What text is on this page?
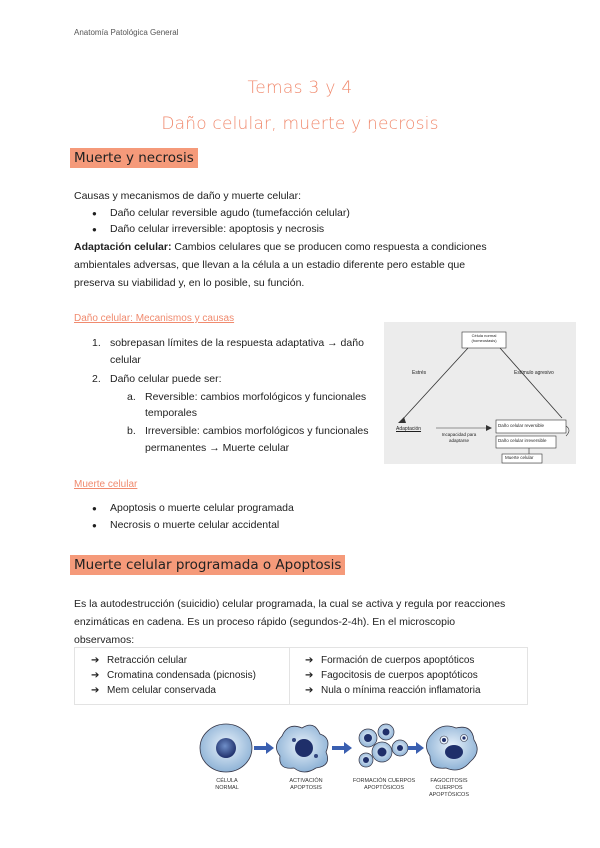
Anatomía Patológica General
Temas 3 y 4
Daño celular, muerte y necrosis
Muerte y necrosis
Causas y mecanismos de daño y muerte celular:
● Daño celular reversible agudo (tumefacción celular)
● Daño celular irreversible: apoptosis y necrosis
Adaptación celular: Cambios celulares que se producen como respuesta a condiciones
ambientales adversas, que llevan a la célula a un estadio diferente pero estable que
preserva su viabilidad y, en lo posible, su función.
Daño celular: Mecanismos y causas
1. sobrepasan límites de la respuesta adaptativa → daño
celular
2. Daño celular puede ser:
a. Reversible: cambios morfológicos y funcionales
temporales
b. Irreversible: cambios morfológicos y funcionales
permanentes → Muerte celular
Célula normal (homeostasis)
Estrés	Estímulo agresivo
Adaptación
Incapacidad para adaptarse
Daño celular reversible
Daño celular irreversible
Muerte celular
Muerte celular
● Apoptosis o muerte celular programada
● Necrosis o muerte celular accidental
Muerte celular programada o Apoptosis
Es la autodestrucción (suicidio) celular programada, la cual se activa y regula por reacciones
enzimáticas en cadena. Es un proceso rápido (segundos-2-4h). En el microscopio
observamos:
➔ Retracción celular
➔ Cromatina condensada (picnosis)
➔ Mem celular conservada
➔ Formación de cuerpos apoptóticos
➔ Fagocitosis de cuerpos apoptóticos
➔ Nula o mínima reacción inflamatoria
CÉLULA
NORMAL
ACTIVACIÓN
APOPTOSIS
FORMACIÓN CUERPOS
APOPTÓSICOS
FAGOCITOSIS CUERPOS
APOPTÓSICOS
